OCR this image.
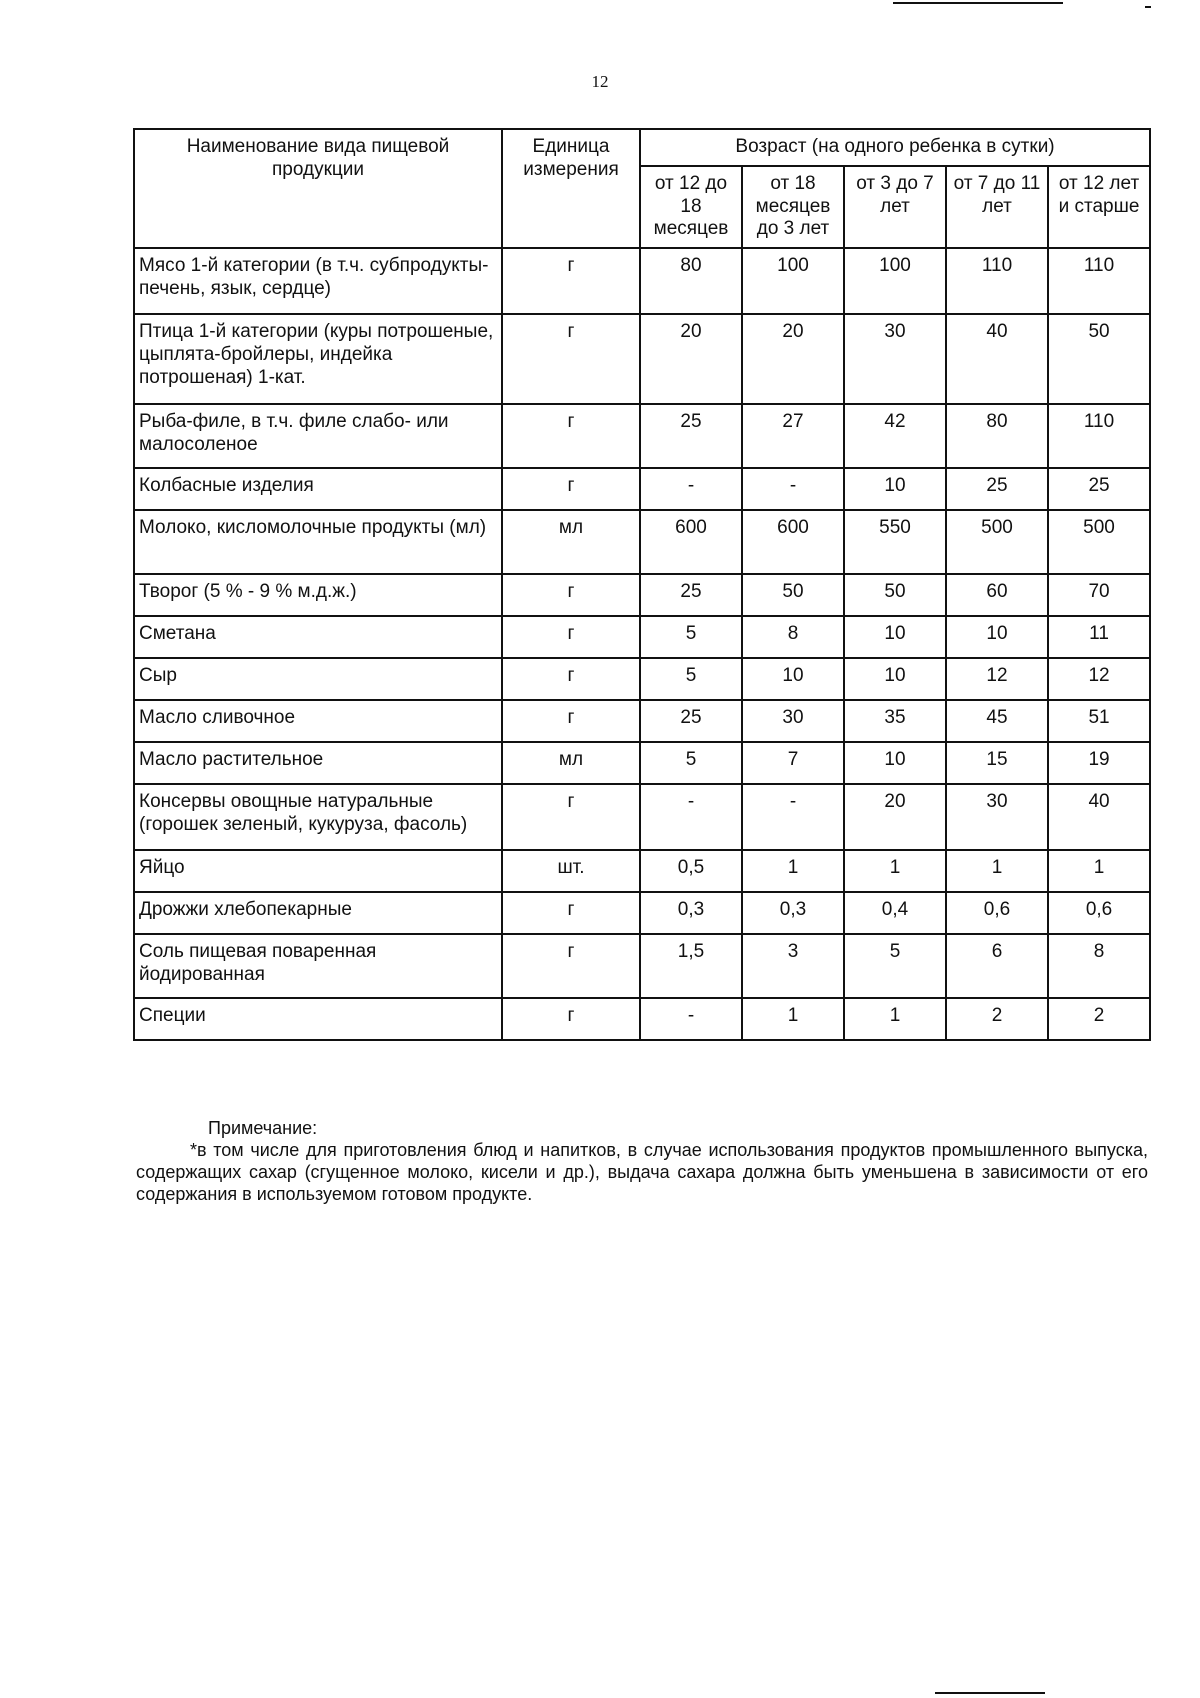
12
Наименование вида пищевой продукции	Единица измерения	Возраст (на одного ребенка в сутки)				
		от 12 до 18 месяцев	от 18 месяцев до 3 лет	от 3 до 7 лет	от 7 до 11 лет	от 12 лет и старше
Мясо 1-й категории (в т.ч. субпродукты-печень, язык, сердце)	г	80	100	100	110	110
Птица 1-й категории (куры потрошеные, цыплята-бройлеры, индейка потрошеная) 1-кат.	г	20	20	30	40	50
Рыба-филе, в т.ч. филе слабо- или малосоленое	г	25	27	42	80	110
Колбасные изделия	г	-	-	10	25	25
Молоко, кисломолочные продукты (мл)	мл	600	600	550	500	500
Творог (5 % - 9 % м.д.ж.)	г	25	50	50	60	70
Сметана	г	5	8	10	10	11
Сыр	г	5	10	10	12	12
Масло сливочное	г	25	30	35	45	51
Масло растительное	мл	5	7	10	15	19
Консервы овощные натуральные (горошек зеленый, кукуруза, фасоль)	г	-	-	20	30	40
Яйцо	шт.	0,5	1	1	1	1
Дрожжи хлебопекарные	г	0,3	0,3	0,4	0,6	0,6
Соль пищевая поваренная йодированная	г	1,5	3	5	6	8
Специи	г	-	1	1	2	2
Примечание:

*в том числе для приготовления блюд и напитков, в случае использования продуктов промышленного выпуска, содержащих сахар (сгущенное молоко, кисели и др.), выдача сахара должна быть уменьшена в зависимости от его содержания в используемом готовом продукте.
